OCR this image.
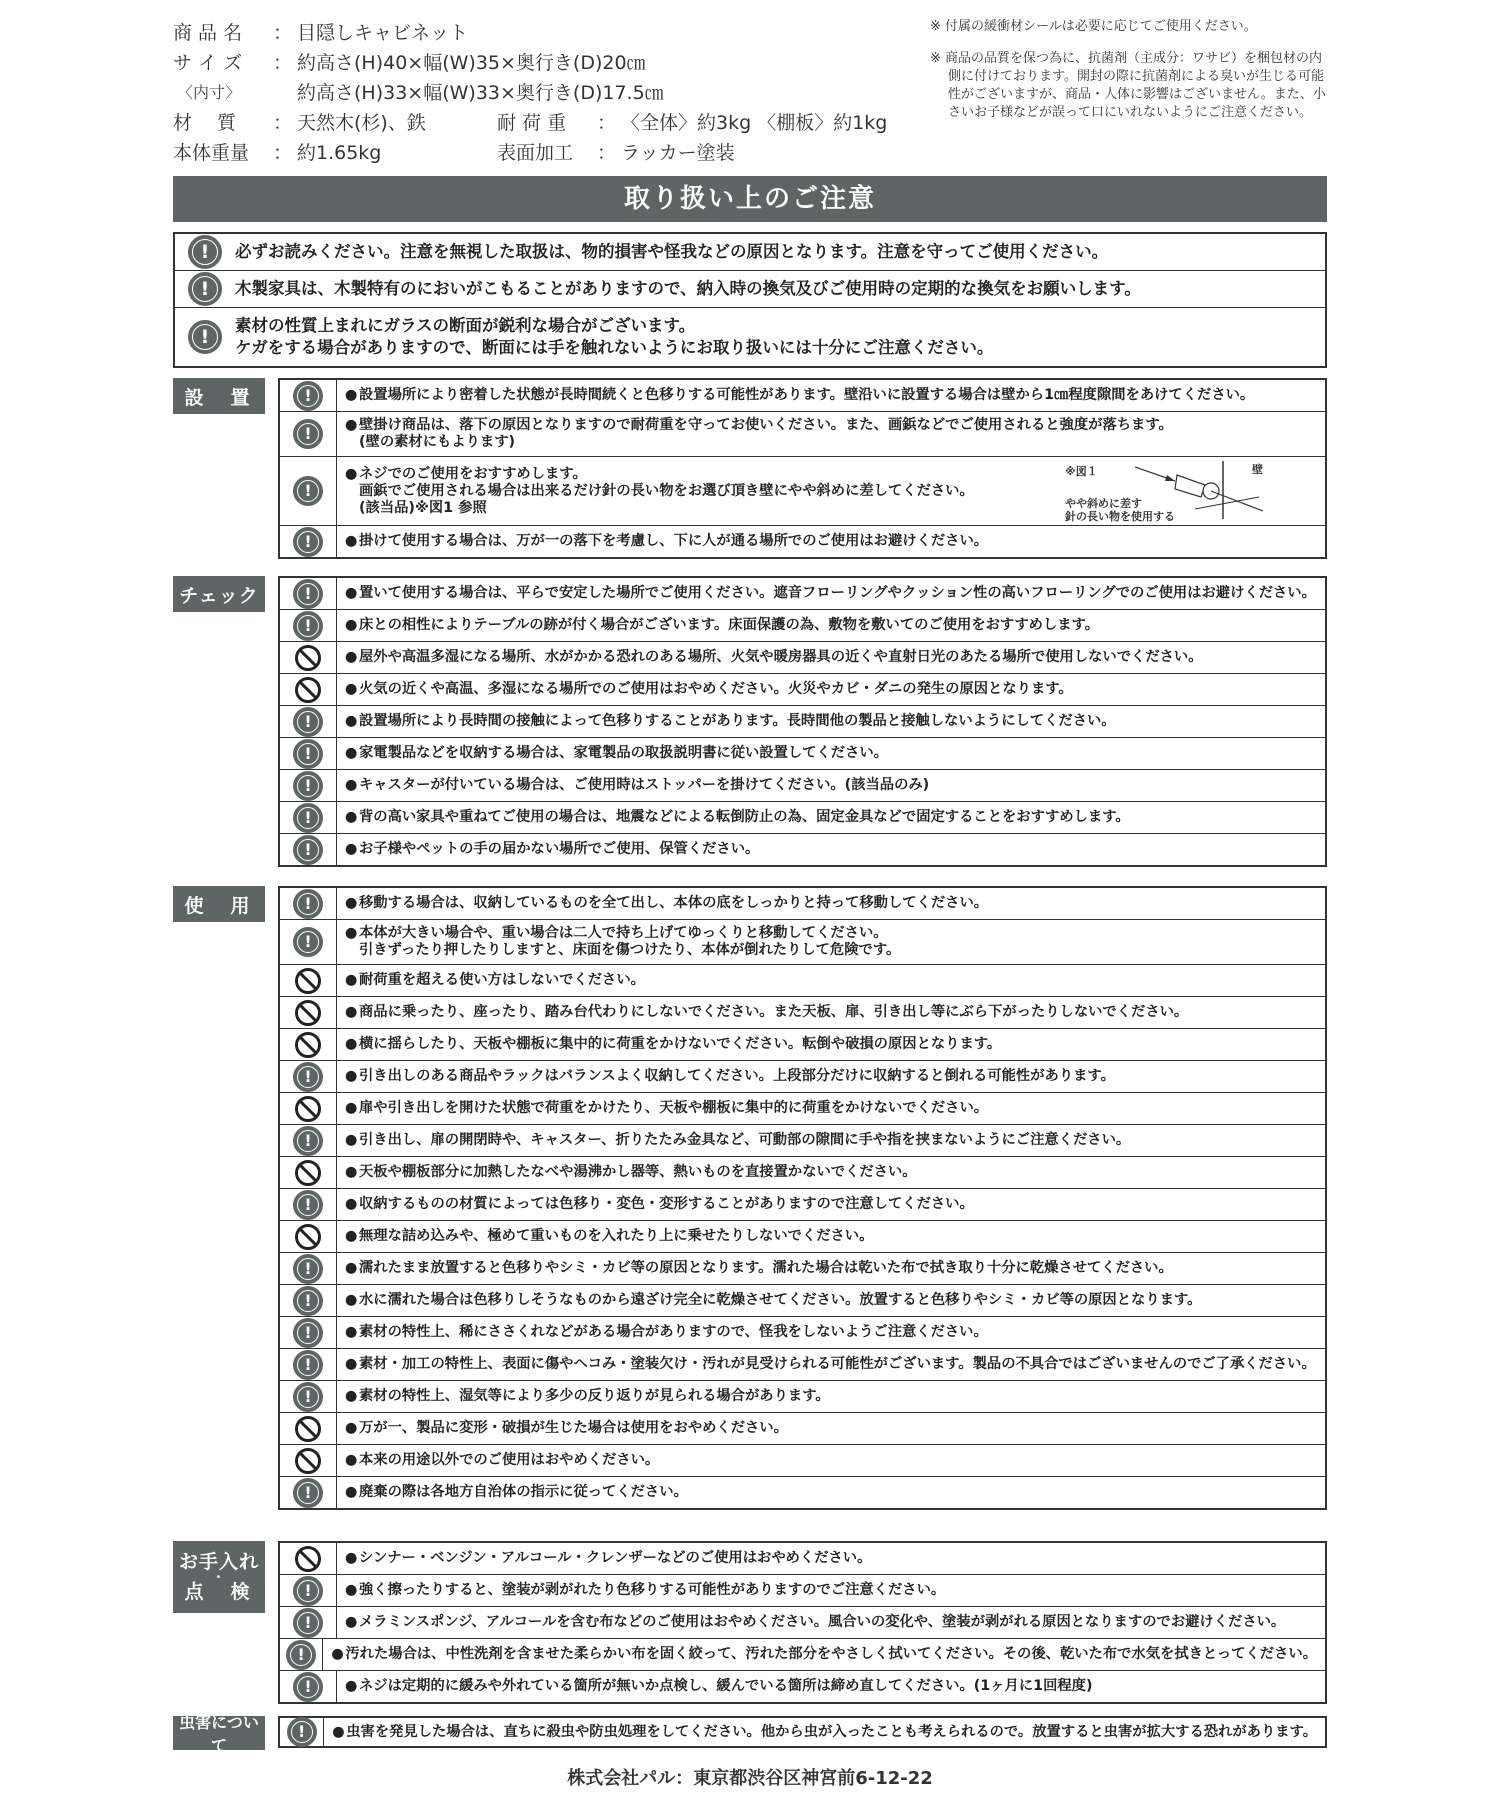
商 品 名	： 目隠しキャビネット
サ イ ズ	： 約高さ(H)40×幅(W)35×奥行き(D)20㎝
〈内寸〉	約高さ(H)33×幅(W)33×奥行き(D)17.5㎝
材　 質	： 天然木(杉)、鉄	耐 荷 重	： 〈全体〉約3kg 〈棚板〉約1kg
本体重量	： 約1.65kg	表面加工	： ラッカー塗装

※ 付属の緩衝材シールは必要に応じてご使用ください。

※ 商品の品質を保つ為に、抗菌剤（主成分：ワサビ）を梱包材の内側に付けております。開封の際に抗菌剤による臭いが生じる可能性がございますが、商品・人体に影響はございません。また、小さいお子様などが誤って口にいれないようにご注意ください。

取り扱い上のご注意
! 必ずお読みください。注意を無視した取扱は、物的損害や怪我などの原因となります。注意を守ってご使用ください。
! 木製家具は、木製特有のにおいがこもることがありますので、納入時の換気及びご使用時の定期的な換気をお願いします。
! 素材の性質上まれにガラスの断面が鋭利な場合がございます。
ケガをする場合がありますので、断面には手を触れないようにお取り扱いには十分にご注意ください。
設　置	!	● 設置場所により密着した状態が長時間続くと色移りする可能性があります。壁沿いに設置する場合は壁から1㎝程度隙間をあけてください。
!	● 壁掛け商品は、落下の原因となりますので耐荷重を守ってお使いください。また、画鋲などでご使用されると強度が落ちます。
(壁の素材にもよります)
!
● ネジでのご使用をおすすめします。
画鋲でご使用される場合は出来るだけ針の長い物をお選び頂き壁にやや斜めに差してください。
(該当品)※図1 参照
※図１
やや斜めに差す
針の長い物を使用する
壁
!	● 掛けて使用する場合は、万が一の落下を考慮し、下に人が通る場所でのご使用はお避けください。
チェック	!	● 置いて使用する場合は、平らで安定した場所でご使用ください。遮音フローリングやクッション性の高いフローリングでのご使用はお避けください。
!	● 床との相性によりテーブルの跡が付く場合がございます。床面保護の為、敷物を敷いてのご使用をおすすめします。
● 屋外や高温多湿になる場所、水がかかる恐れのある場所、火気や暖房器具の近くや直射日光のあたる場所で使用しないでください。
● 火気の近くや高温、多湿になる場所でのご使用はおやめください。火災やカビ・ダニの発生の原因となります。
!	● 設置場所により長時間の接触によって色移りすることがあります。長時間他の製品と接触しないようにしてください。
!	● 家電製品などを収納する場合は、家電製品の取扱説明書に従い設置してください。
!	● キャスターが付いている場合は、ご使用時はストッパーを掛けてください。(該当品のみ)
!	● 背の高い家具や重ねてご使用の場合は、地震などによる転倒防止の為、固定金具などで固定することをおすすめします。
!	● お子様やペットの手の届かない場所でご使用、保管ください。
使　用	!	● 移動する場合は、収納しているものを全て出し、本体の底をしっかりと持って移動してください。
!	● 本体が大きい場合や、重い場合は二人で持ち上げてゆっくりと移動してください。
引きずったり押したりしますと、床面を傷つけたり、本体が倒れたりして危険です。
● 耐荷重を超える使い方はしないでください。
● 商品に乗ったり、座ったり、踏み台代わりにしないでください。また天板、扉、引き出し等にぶら下がったりしないでください。
● 横に揺らしたり、天板や棚板に集中的に荷重をかけないでください。転倒や破損の原因となります。
!	● 引き出しのある商品やラックはバランスよく収納してください。上段部分だけに収納すると倒れる可能性があります。
● 扉や引き出しを開けた状態で荷重をかけたり、天板や棚板に集中的に荷重をかけないでください。
!	● 引き出し、扉の開閉時や、キャスター、折りたたみ金具など、可動部の隙間に手や指を挟まないようにご注意ください。
● 天板や棚板部分に加熱したなべや湯沸かし器等、熱いものを直接置かないでください。
!	● 収納するものの材質によっては色移り・変色・変形することがありますので注意してください。
● 無理な詰め込みや、極めて重いものを入れたり上に乗せたりしないでください。
!	● 濡れたまま放置すると色移りやシミ・カビ等の原因となります。濡れた場合は乾いた布で拭き取り十分に乾燥させてください。
!	● 水に濡れた場合は色移りしそうなものから遠ざけ完全に乾燥させてください。放置すると色移りやシミ・カビ等の原因となります。
!	● 素材の特性上、稀にささくれなどがある場合がありますので、怪我をしないようご注意ください。
!	● 素材・加工の特性上、表面に傷やヘコみ・塗装欠け・汚れが見受けられる可能性がございます。製品の不具合ではございませんのでご了承ください。
!	● 素材の特性上、湿気等により多少の反り返りが見られる場合があります。
● 万が一、製品に変形・破損が生じた場合は使用をおやめください。
● 本来の用途以外でのご使用はおやめください。
!	● 廃棄の際は各地方自治体の指示に従ってください。
お手入れ
・
点　検
● シンナー・ベンジン・アルコール・クレンザーなどのご使用はおやめください。
!	● 強く擦ったりすると、塗装が剥がれたり色移りする可能性がありますのでご注意ください。
!	● メラミンスポンジ、アルコールを含む布などのご使用はおやめください。風合いの変化や、塗装が剥がれる原因となりますのでお避けください。
!	● 汚れた場合は、中性洗剤を含ませた柔らかい布を固く絞って、汚れた部分をやさしく拭いてください。その後、乾いた布で水気を拭きとってください。
!	● ネジは定期的に緩みや外れている箇所が無いか点検し、緩んでいる箇所は締め直してください。(1ヶ月に1回程度)
虫害について
!	● 虫害を発見した場合は、直ちに殺虫や防虫処理をしてください。他から虫が入ったことも考えられるので。放置すると虫害が拡大する恐れがあります。
株式会社パル：東京都渋谷区神宮前6-12-22
